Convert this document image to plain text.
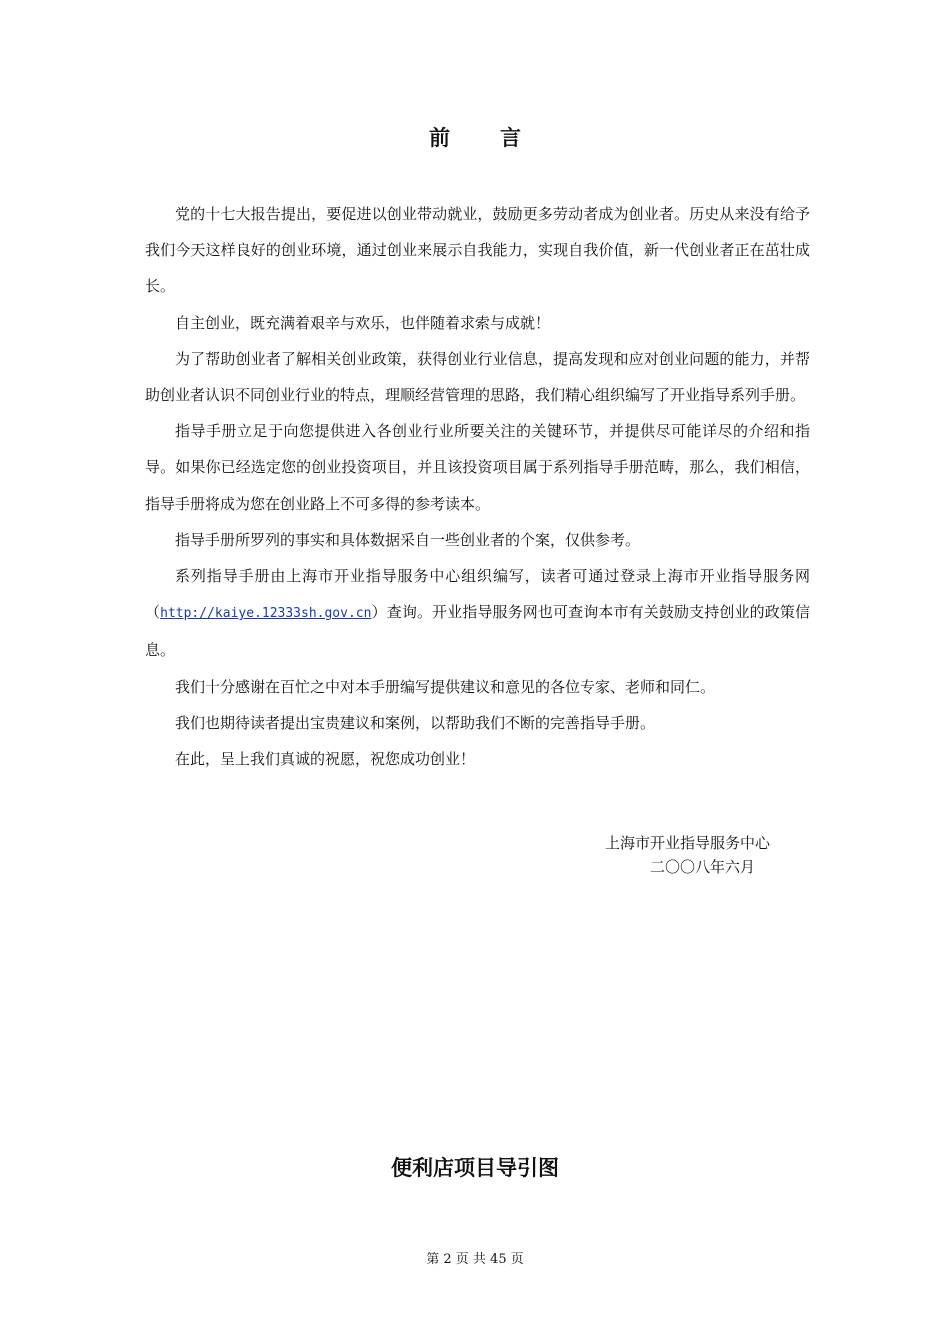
前言

党的十七大报告提出，要促进以创业带动就业，鼓励更多劳动者成为创业者。历史从来没有给予我们今天这样良好的创业环境，通过创业来展示自我能力，实现自我价值，新一代创业者正在茁壮成长。

自主创业，既充满着艰辛与欢乐，也伴随着求索与成就！

为了帮助创业者了解相关创业政策，获得创业行业信息，提高发现和应对创业问题的能力，并帮助创业者认识不同创业行业的特点，理顺经营管理的思路，我们精心组织编写了开业指导系列手册。

指导手册立足于向您提供进入各创业行业所要关注的关键环节，并提供尽可能详尽的介绍和指导。如果你已经选定您的创业投资项目，并且该投资项目属于系列指导手册范畴，那么，我们相信，指导手册将成为您在创业路上不可多得的参考读本。

指导手册所罗列的事实和具体数据采自一些创业者的个案，仅供参考。

系列指导手册由上海市开业指导服务中心组织编写，读者可通过登录上海市开业指导服务网（http://kaiye.12333sh.gov.cn）查询。开业指导服务网也可查询本市有关鼓励支持创业的政策信息。

我们十分感谢在百忙之中对本手册编写提供建议和意见的各位专家、老师和同仁。

我们也期待读者提出宝贵建议和案例，以帮助我们不断的完善指导手册。

在此，呈上我们真诚的祝愿，祝您成功创业！

上海市开业指导服务中心
二〇〇八年六月
便利店项目导引图
第 2 页 共 45 页
